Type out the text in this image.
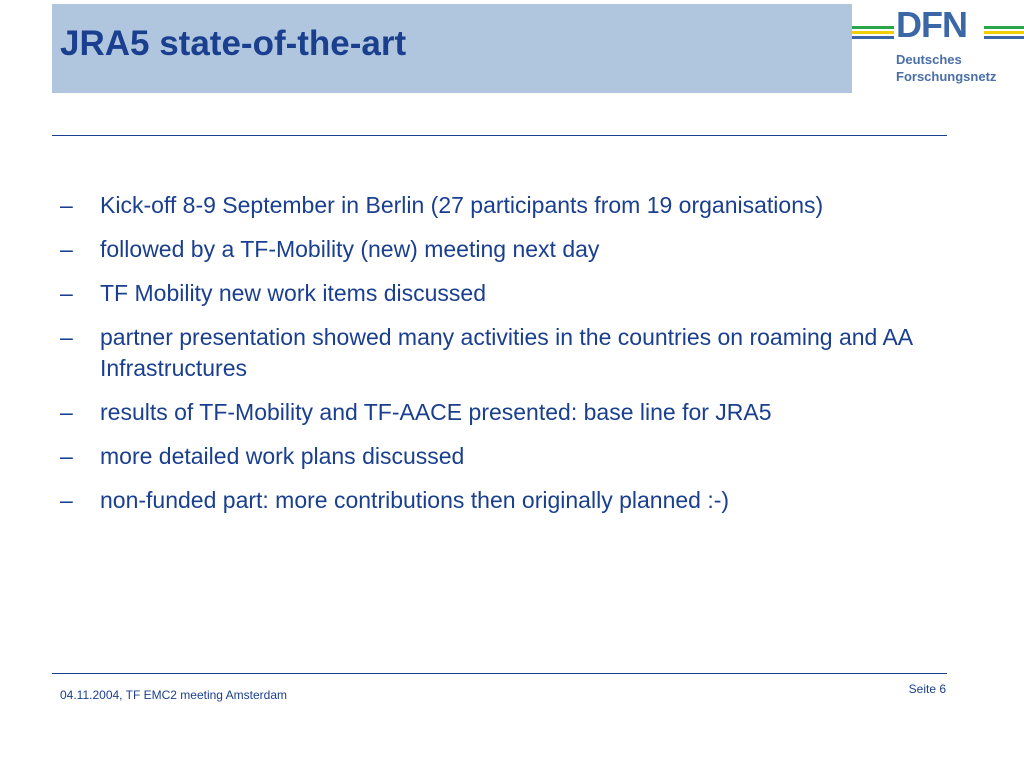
JRA5 state-of-the-art	DFN
Deutsches
Forschungsnetz
– Kick-off 8-9 September in Berlin (27 participants from 19 organisations)
– followed by a TF-Mobility (new) meeting next day
– TF Mobility new work items discussed
– partner presentation showed many activities in the countries on roaming and AA Infrastructures
– results of TF-Mobility and TF-AACE presented: base line for JRA5
– more detailed work plans discussed
– non-funded part: more contributions then originally planned :-)
04.11.2004, TF EMC2 meeting Amsterdam	Seite 6
